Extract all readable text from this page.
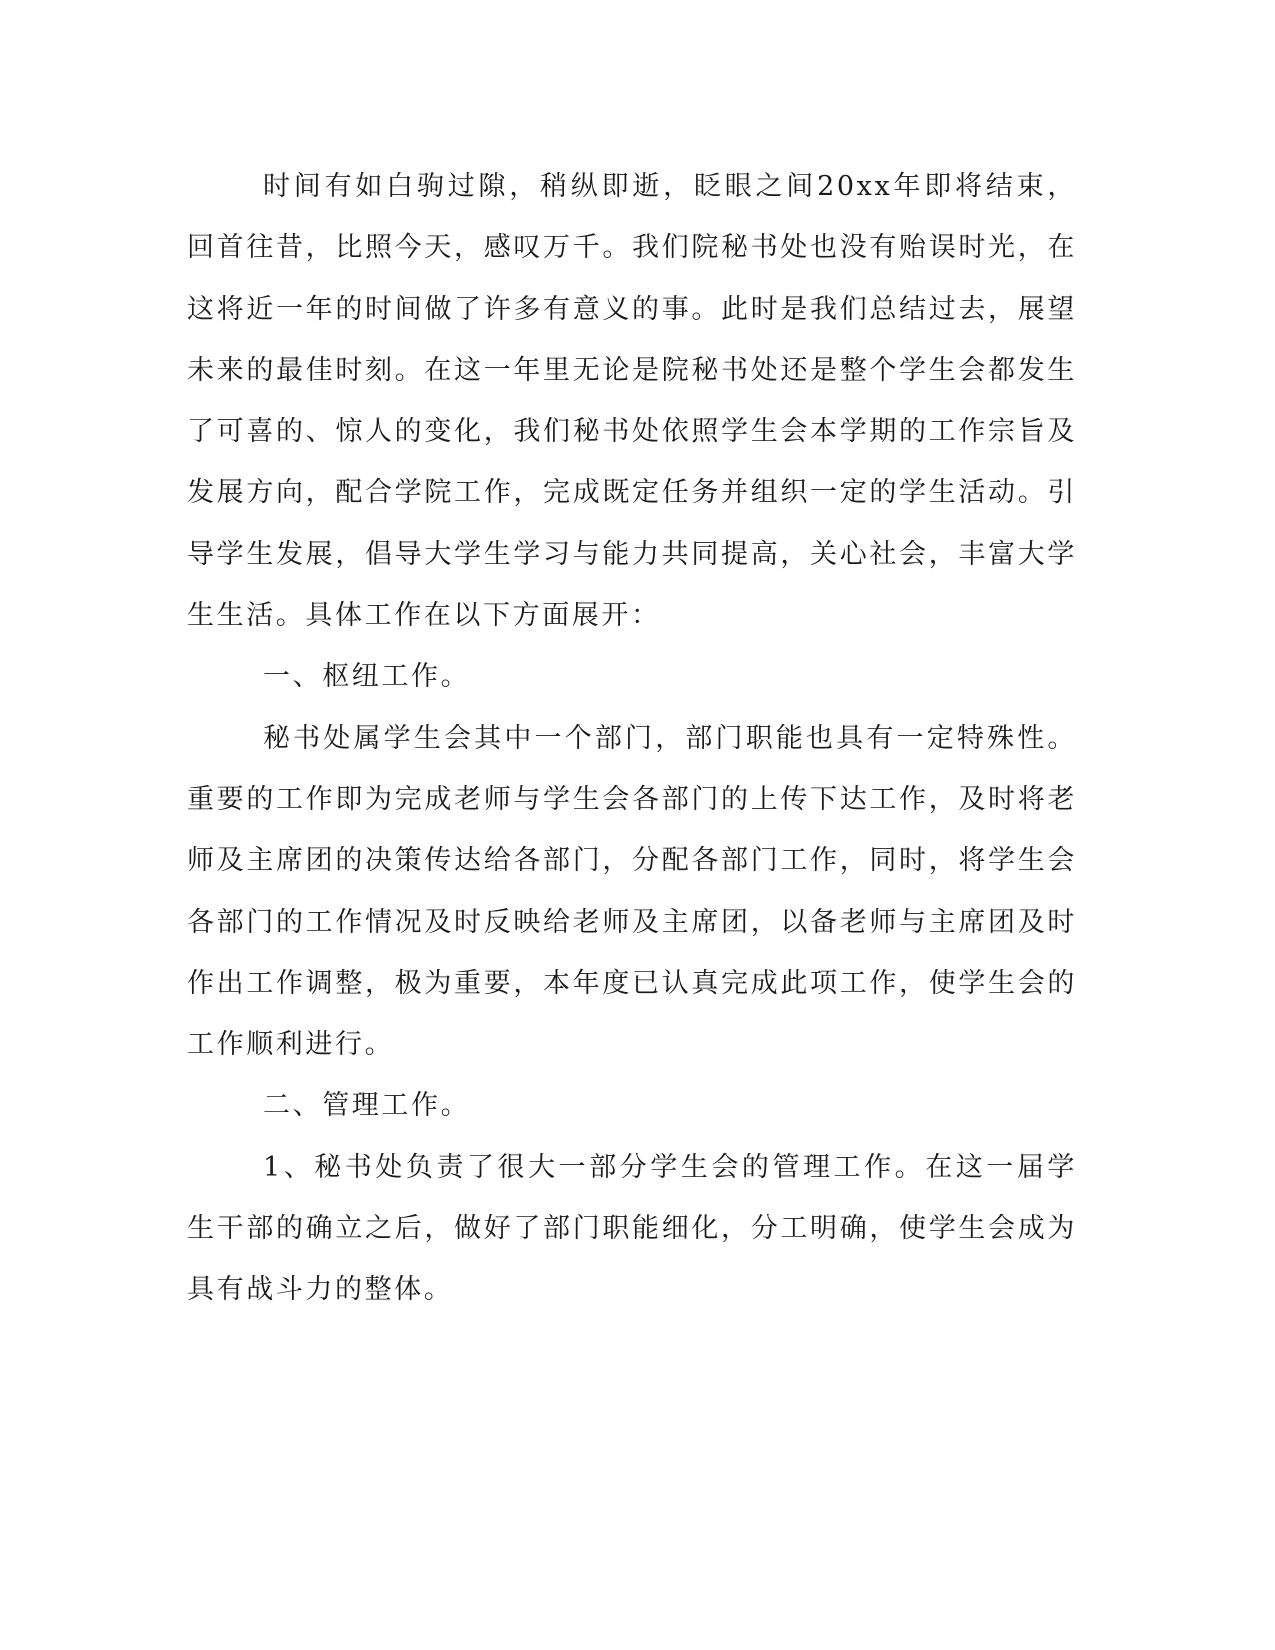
时间有如白驹过隙，稍纵即逝，眨眼之间20xx年即将结束，回首往昔，比照今天，感叹万千。我们院秘书处也没有贻误时光，在这将近一年的时间做了许多有意义的事。此时是我们总结过去，展望未来的最佳时刻。在这一年里无论是院秘书处还是整个学生会都发生了可喜的、惊人的变化，我们秘书处依照学生会本学期的工作宗旨及发展方向，配合学院工作，完成既定任务并组织一定的学生活动。引导学生发展，倡导大学生学习与能力共同提高，关心社会，丰富大学生生活。具体工作在以下方面展开：

一、枢纽工作。

秘书处属学生会其中一个部门，部门职能也具有一定特殊性。重要的工作即为完成老师与学生会各部门的上传下达工作，及时将老师及主席团的决策传达给各部门，分配各部门工作，同时，将学生会各部门的工作情况及时反映给老师及主席团，以备老师与主席团及时作出工作调整，极为重要，本年度已认真完成此项工作，使学生会的工作顺利进行。

二、管理工作。

1、秘书处负责了很大一部分学生会的管理工作。在这一届学生干部的确立之后，做好了部门职能细化，分工明确，使学生会成为具有战斗力的整体。
